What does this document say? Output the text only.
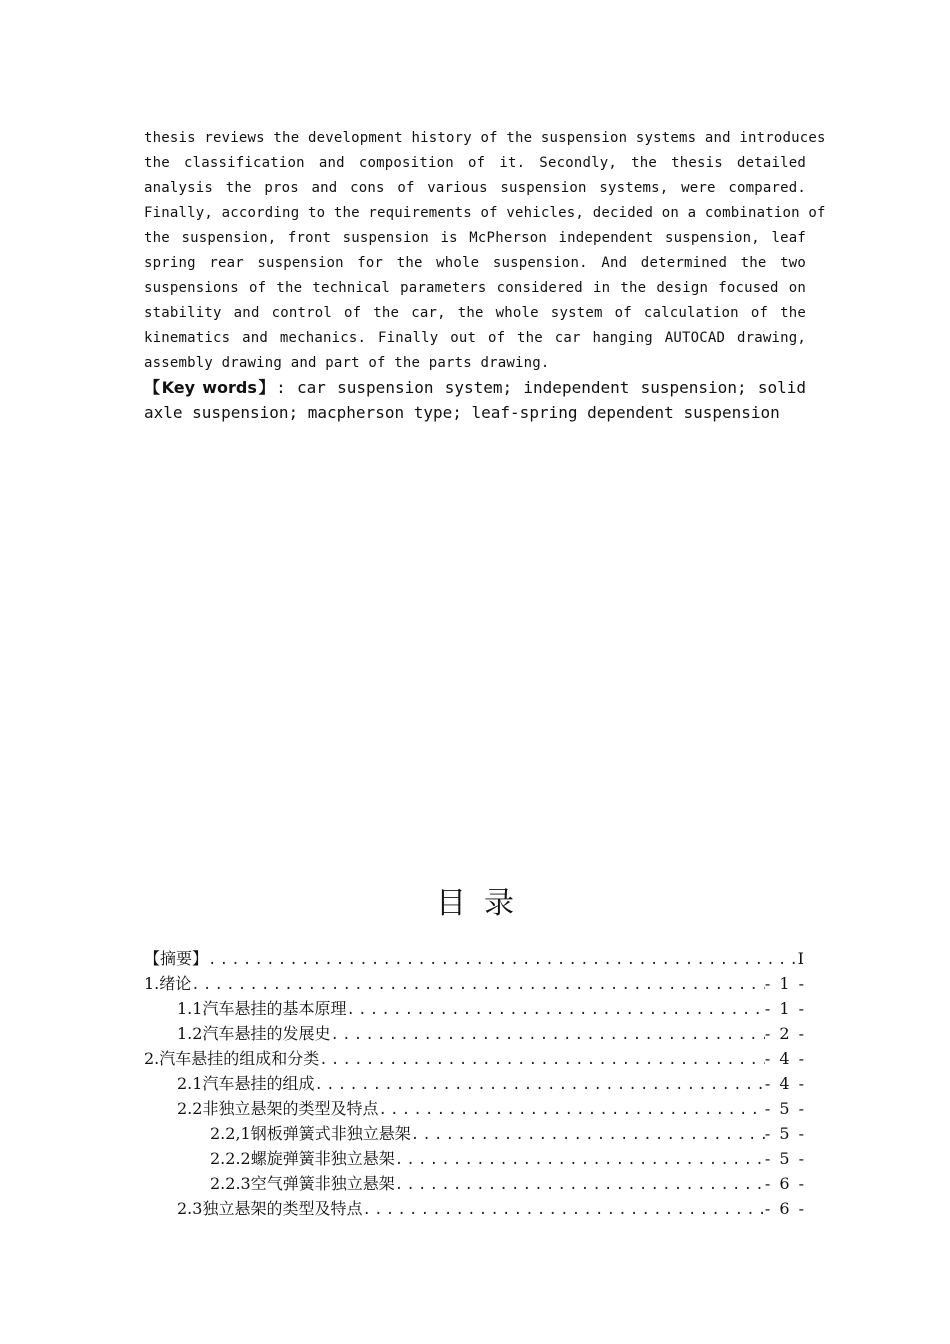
thesis reviews the development history of the suspension systems and introduces
the classification and composition of it. Secondly, the thesis detailed
analysis the pros and cons of various suspension systems, were compared.
Finally, according to the requirements of vehicles, decided on a combination of
the suspension, front suspension is McPherson independent suspension, leaf
spring rear suspension for the whole suspension. And determined the two
suspensions of the technical parameters considered in the design focused on
stability and control of the car, the whole system of calculation of the
kinematics and mechanics. Finally out of the car hanging AUTOCAD drawing,
assembly drawing and part of the parts drawing.
【Key words】: car suspension system; independent suspension; solid
axle suspension; macpherson type; leaf-spring dependent suspension
目录
【摘要】 .....	I
1.绪论 .....	- 1 -
1.1汽车悬挂的基本原理 .....	- 1 -
1.2汽车悬挂的发展史 .....	- 2 -
2.汽车悬挂的组成和分类 .....	- 4 -
2.1汽车悬挂的组成 .....	- 4 -
2.2非独立悬架的类型及特点 .....	- 5 -
2.2,1钢板弹簧式非独立悬架 .....	- 5 -
2.2.2螺旋弹簧非独立悬架 .....	- 5 -
2.2.3空气弹簧非独立悬架 .....	- 6 -
2.3独立悬架的类型及特点 .....	- 6 -
